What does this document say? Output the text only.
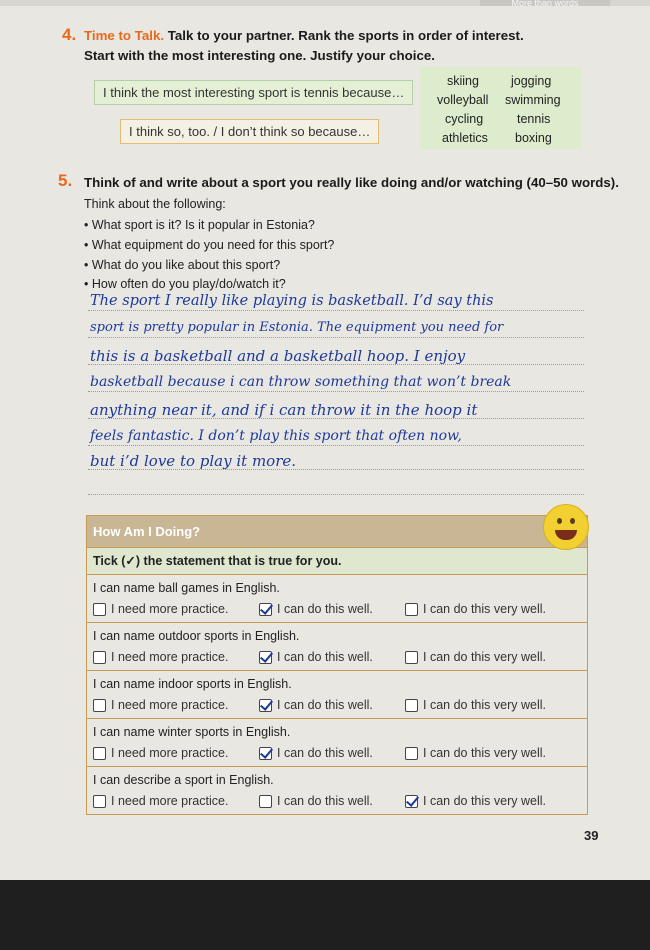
More than words
4. Time to Talk. Talk to your partner. Rank the sports in order of interest.
Start with the most interesting one. Justify your choice.
I think the most interesting sport is tennis because…
I think so, too. / I don’t think so because…
skiing	jogging
volleyball swimming
cycling	tennis
athletics boxing
5. Think of and write about a sport you really like doing and/or watching (40–50 words).
Think about the following:
• What sport is it? Is it popular in Estonia?
• What equipment do you need for this sport?
• What do you like about this sport?
• How often do you play/do/watch it?
The sport I really like playing is basketball. I’d say this
sport is pretty popular in Estonia. The equipment you need for
this is a basketball and a basketball hoop. I enjoy
basketball because i can throw something that won’t break
anything near it, and if i can throw it in the hoop it
feels fantastic. I don’t play this sport that often now,
but i’d love to play it more.
How Am I Doing?
Tick (✓) the statement that is true for you.
I can name ball games in English.
I need more practice.	I can do this well.	I can do this very well.
I can name outdoor sports in English.
I need more practice.	I can do this well.	I can do this very well.
I can name indoor sports in English.
I need more practice.	I can do this well.	I can do this very well.
I can name winter sports in English.
I need more practice.	I can do this well.	I can do this very well.
I can describe a sport in English.
I need more practice.	I can do this well.	I can do this very well.
39
